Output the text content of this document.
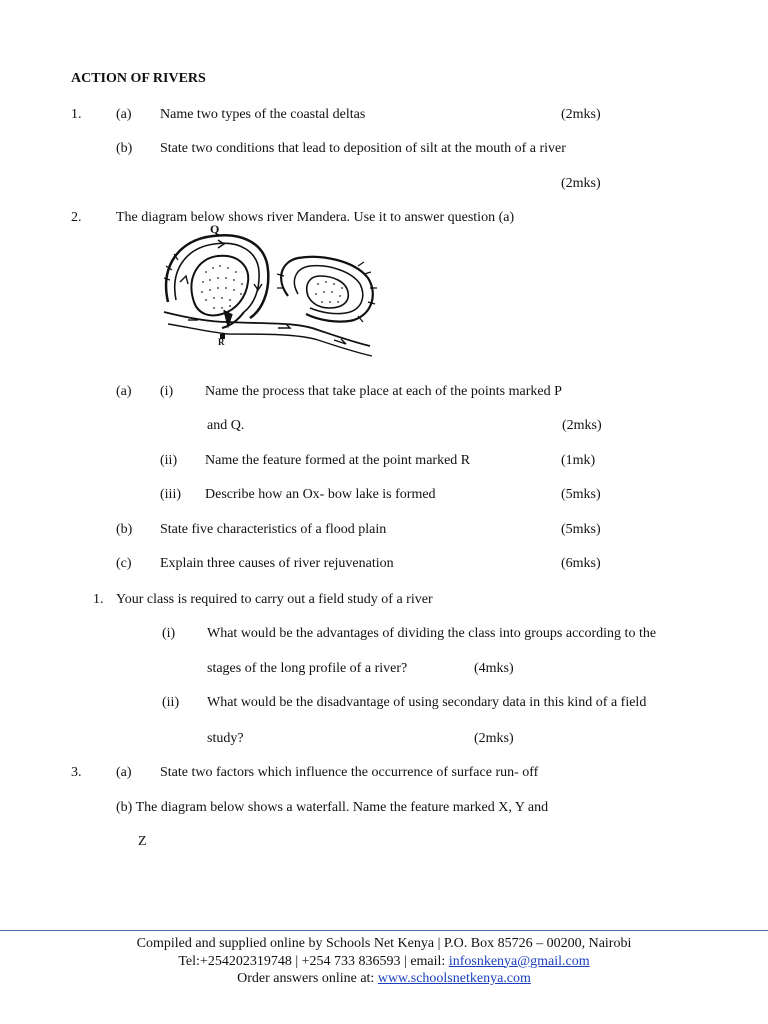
ACTION OF RIVERS
1. (a) Name two types of the coastal deltas	(2mks)
(b) State two conditions that lead to deposition of silt at the mouth of a river
(2mks)
2. The diagram below shows river Mandera. Use it to answer question (a)
Q
R
(a) (i) Name the process that take place at each of the points marked P
and Q.	(2mks)
(ii) Name the feature formed at the point marked R	(1mk)
(iii) Describe how an Ox- bow lake is formed	(5mks)
(b) State five characteristics of a flood plain	(5mks)
(c) Explain three causes of river rejuvenation	(6mks)
1. Your class is required to carry out a field study of a river
(i) What would be the advantages of dividing the class into groups according to the
stages of the long profile of a river?	(4mks)
(ii) What would be the disadvantage of using secondary data in this kind of a field
study?	(2mks)
3. (a) State two factors which influence the occurrence of surface run- off
(b) The diagram below shows a waterfall. Name the feature marked X, Y and
Z
Compiled and supplied online by Schools Net Kenya | P.O. Box 85726 – 00200, Nairobi
Tel:+254202319748 | +254 733 836593 | email: infosnkenya@gmail.com
Order answers online at: www.schoolsnetkenya.com
